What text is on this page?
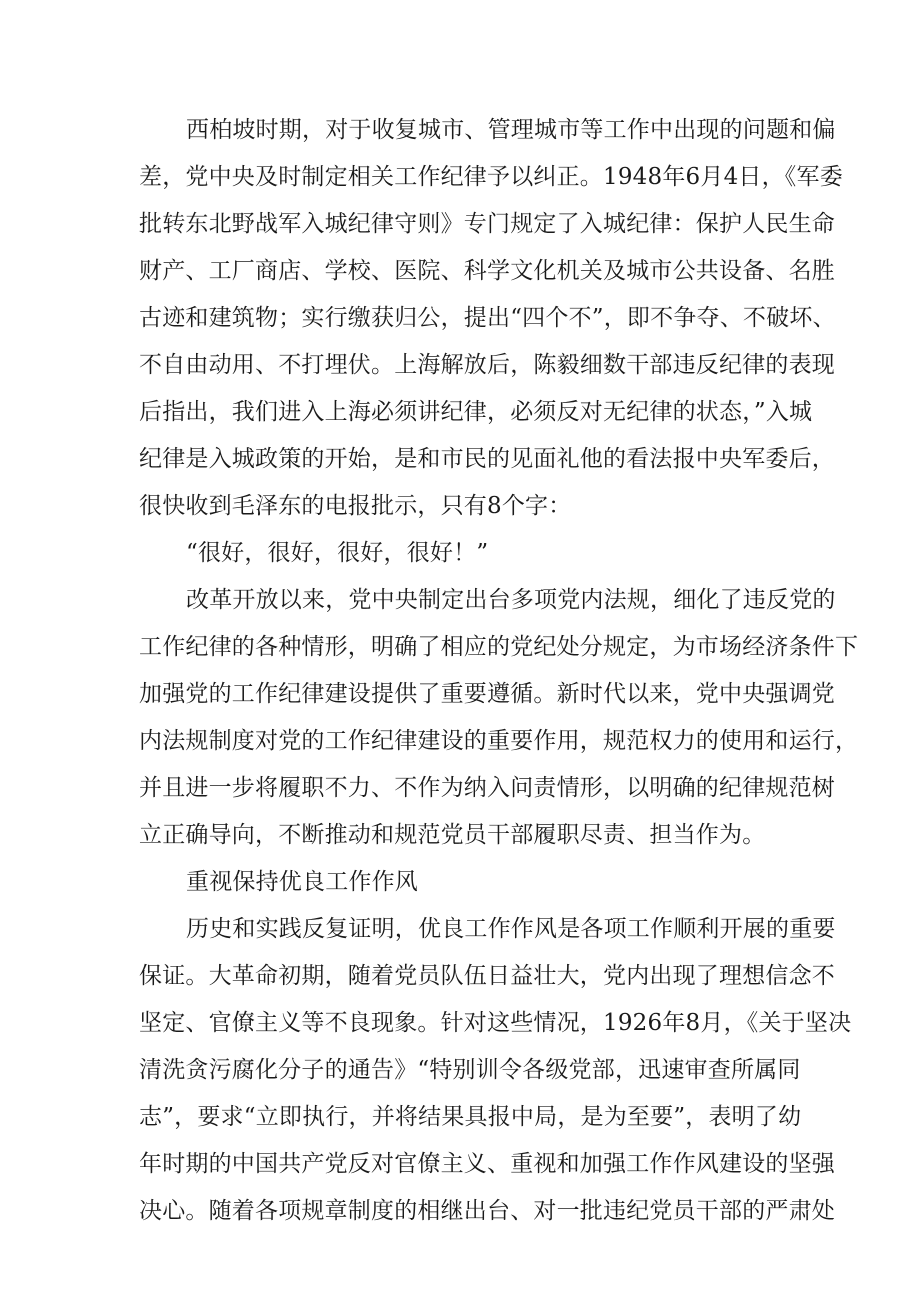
西柏坡时期，对于收复城市、管理城市等工作中出现的问题和偏
差，党中央及时制定相关工作纪律予以纠正。1948年6月4日，《军委
批转东北野战军入城纪律守则》专门规定了入城纪律：保护人民生命
财产、工厂商店、学校、医院、科学文化机关及城市公共设备、名胜
古迹和建筑物；实行缴获归公，提出“四个不”，即不争夺、不破坏、
不自由动用、不打埋伏。上海解放后，陈毅细数干部违反纪律的表现
后指出，我们进入上海必须讲纪律，必须反对无纪律的状态，”入城
纪律是入城政策的开始，是和市民的见面礼他的看法报中央军委后，
很快收到毛泽东的电报批示，只有8个字：
“很好，很好，很好，很好！”
改革开放以来，党中央制定出台多项党内法规，细化了违反党的
工作纪律的各种情形，明确了相应的党纪处分规定，为市场经济条件下
加强党的工作纪律建设提供了重要遵循。新时代以来，党中央强调党
内法规制度对党的工作纪律建设的重要作用，规范权力的使用和运行，
并且进一步将履职不力、不作为纳入问责情形，以明确的纪律规范树
立正确导向，不断推动和规范党员干部履职尽责、担当作为。
重视保持优良工作作风
历史和实践反复证明，优良工作作风是各项工作顺利开展的重要
保证。大革命初期，随着党员队伍日益壮大，党内出现了理想信念不
坚定、官僚主义等不良现象。针对这些情况，1926年8月，《关于坚决
清洗贪污腐化分子的通告》“特别训令各级党部，迅速审查所属同
志”，要求“立即执行，并将结果具报中局，是为至要”，表明了幼
年时期的中国共产党反对官僚主义、重视和加强工作作风建设的坚强
决心。随着各项规章制度的相继出台、对一批违纪党员干部的严肃处
